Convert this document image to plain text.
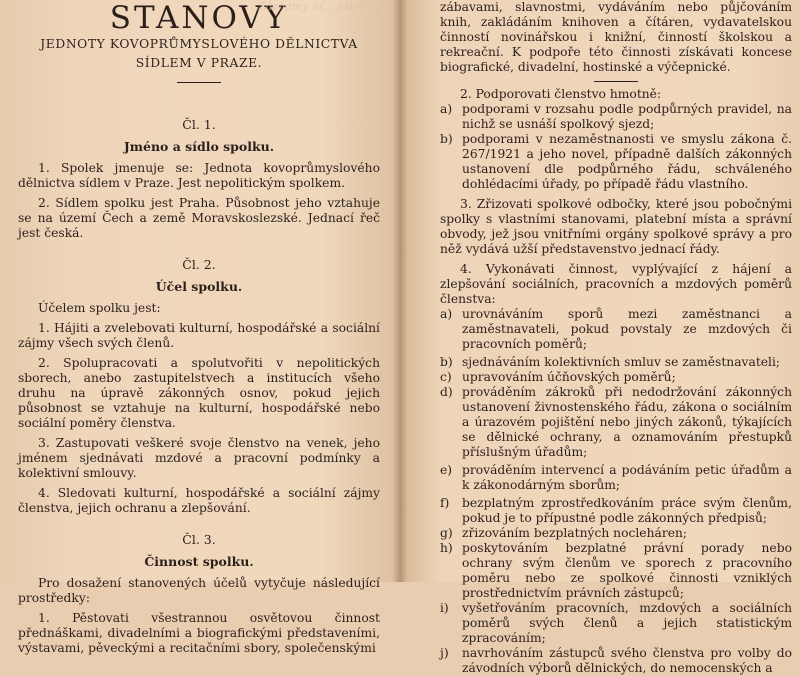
STANOVY
JEDNOTY KOVOPRŮMYSLOVÉHO DĚLNICTVA
SÍDLEM V PRAZE.
Čl. 1.
Jméno a sídlo spolku.

1. Spolek jmenuje se: Jednota kovoprůmyslového dělnictva sídlem v Praze. Jest nepolitickým spolkem.

2. Sídlem spolku jest Praha. Působnost jeho vztahuje se na území Čech a země Moravskoslezské. Jednací řeč jest česká.

Čl. 2.
Účel spolku.

Účelem spolku jest:

1. Hájiti a zvelebovati kulturní, hospodářské a sociální zájmy všech svých členů.

2. Spolupracovati a spolutvořiti v nepolitických sborech, anebo zastupitelstvech a institucích všeho druhu na úpravě zákonných osnov, pokud jejich působnost se vztahuje na kulturní, hospodářské nebo sociální poměry členstva.

3. Zastupovati veškeré svoje členstvo na venek, jeho jménem sjednávati mzdové a pracovní podmínky a kolektivní smlouvy.

4. Sledovati kulturní, hospodářské a sociální zájmy členstva, jejich ochranu a zlepšování.

Čl. 3.
Činnost spolku.

Pro dosažení stanovených účelů vytyčuje následující prostředky:

1. Pěstovati všestrannou osvětovou činnost přednáškami, divadelními a biografickými představeními, výstavami, pěveckými a recitačními sbory, společenskými

zábavami, slavnostmi, vydáváním nebo půjčováním knih, zakládáním knihoven a čítáren, vydavatelskou činností novinářskou i knižní, činností školskou a rekreační. K podpoře této činnosti získávati koncese biografické, divadelní, hostinské a výčepnické.

2. Podporovati členstvo hmotně:

a) podporami v rozsahu podle podpůrných pravidel, na nichž se usnáší spolkový sjezd;
b) podporami v nezaměstnanosti ve smyslu zákona č. 267/1921 a jeho novel, případně dalších zákonných ustanovení dle podpůrného řádu, schváleného dohlédacími úřady, po případě řádu vlastního.

3. Zřizovati spolkové odbočky, které jsou pobočnými spolky s vlastními stanovami, platební místa a správní obvody, jež jsou vnitřními orgány spolkové správy a pro něž vydává užší představenstvo jednací řády.

4. Vykonávati činnost, vyplývající z hájení a zlepšování sociálních, pracovních a mzdových poměrů členstva:

a) urovnáváním sporů mezi zaměstnanci a zaměstnavateli, pokud povstaly ze mzdových či pracovních poměrů;
b) sjednáváním kolektivních smluv se zaměstnavateli;
c) upravováním účňovských poměrů;
d) prováděním zákroků při nedodržování zákonných ustanovení živnostenského řádu, zákona o sociálním a úrazovém pojištění nebo jiných zákonů, týkajících se dělnické ochrany, a oznamováním přestupků příslušným úřadům;
e) prováděním intervencí a podáváním petic úřadům a k zákonodárným sborům;
f)	bezplatným zprostředkováním práce svým členům, pokud je to přípustné podle zákonných předpisů;
g) zřizováním bezplatných nocleháren;
h) poskytováním bezplatné právní porady nebo ochrany svým členům ve sporech z pracovního poměru nebo ze spolkové činnosti vzniklých prostřednictvím právních zástupců;
i)	vyšetřováním pracovních, mzdových a sociálních poměrů svých členů a jejich statistickým zpracováním;
j)	navrhováním zástupců svého členstva pro volby do závodních výborů dělnických, do nemocenských a
Záznamy úř... zálohy...
